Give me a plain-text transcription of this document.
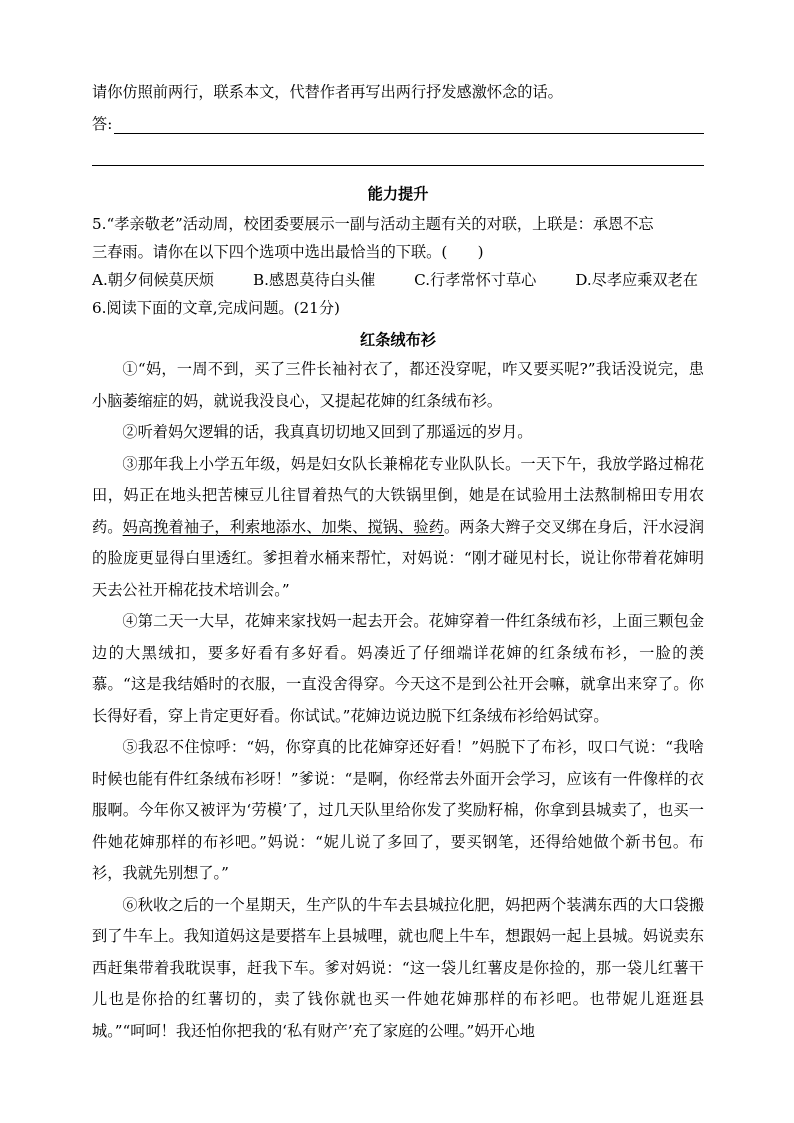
请你仿照前两行，联系本文，代替作者再写出两行抒发感激怀念的话。
答:
能力提升
5.“孝亲敬老”活动周，校团委要展示一副与活动主题有关的对联，上联是：承恩不忘
三春雨。请你在以下四个选项中选出最恰当的下联。(　　)
A.朝夕伺候莫厌烦	B.感恩莫待白头催	C.行孝常怀寸草心	D.尽孝应乘双老在
6.阅读下面的文章,完成问题。(21分)
红条绒布衫
①“妈，一周不到，买了三件长袖衬衣了，都还没穿呢，咋又要买呢?”我话没说完，患小脑萎缩症的妈，就说我没良心，又提起花婶的红条绒布衫。
②听着妈欠逻辑的话，我真真切切地又回到了那遥远的岁月。
③那年我上小学五年级，妈是妇女队长兼棉花专业队队长。一天下午，我放学路过棉花田，妈正在地头把苦楝豆儿往冒着热气的大铁锅里倒，她是在试验用土法熬制棉田专用农药。妈高挽着袖子，利索地添水、加柴、搅锅、验药。两条大辫子交叉绑在身后，汗水浸润的脸庞更显得白里透红。爹担着水桶来帮忙，对妈说：“刚才碰见村长，说让你带着花婶明天去公社开棉花技术培训会。”
④第二天一大早，花婶来家找妈一起去开会。花婶穿着一件红条绒布衫，上面三颗包金边的大黑绒扣，要多好看有多好看。妈凑近了仔细端详花婶的红条绒布衫，一脸的羡慕。“这是我结婚时的衣服，一直没舍得穿。今天这不是到公社开会嘛，就拿出来穿了。你长得好看，穿上肯定更好看。你试试。”花婶边说边脱下红条绒布衫给妈试穿。
⑤我忍不住惊呼：“妈，你穿真的比花婶穿还好看！”妈脱下了布衫，叹口气说：“我啥时候也能有件红条绒布衫呀！”爹说：“是啊，你经常去外面开会学习，应该有一件像样的衣服啊。今年你又被评为‘劳模’了，过几天队里给你发了奖励籽棉，你拿到县城卖了，也买一件她花婶那样的布衫吧。”妈说：“妮儿说了多回了，要买钢笔，还得给她做个新书包。布衫，我就先别想了。”
⑥秋收之后的一个星期天，生产队的牛车去县城拉化肥，妈把两个装满东西的大口袋搬到了牛车上。我知道妈这是要搭车上县城哩，就也爬上牛车，想跟妈一起上县城。妈说卖东西赶集带着我耽误事，赶我下车。爹对妈说：“这一袋儿红薯皮是你捡的，那一袋儿红薯干儿也是你拾的红薯切的，卖了钱你就也买一件她花婶那样的布衫吧。也带妮儿逛逛县城。”“呵呵！我还怕你把我的‘私有财产’充了家庭的公哩。”妈开心地
